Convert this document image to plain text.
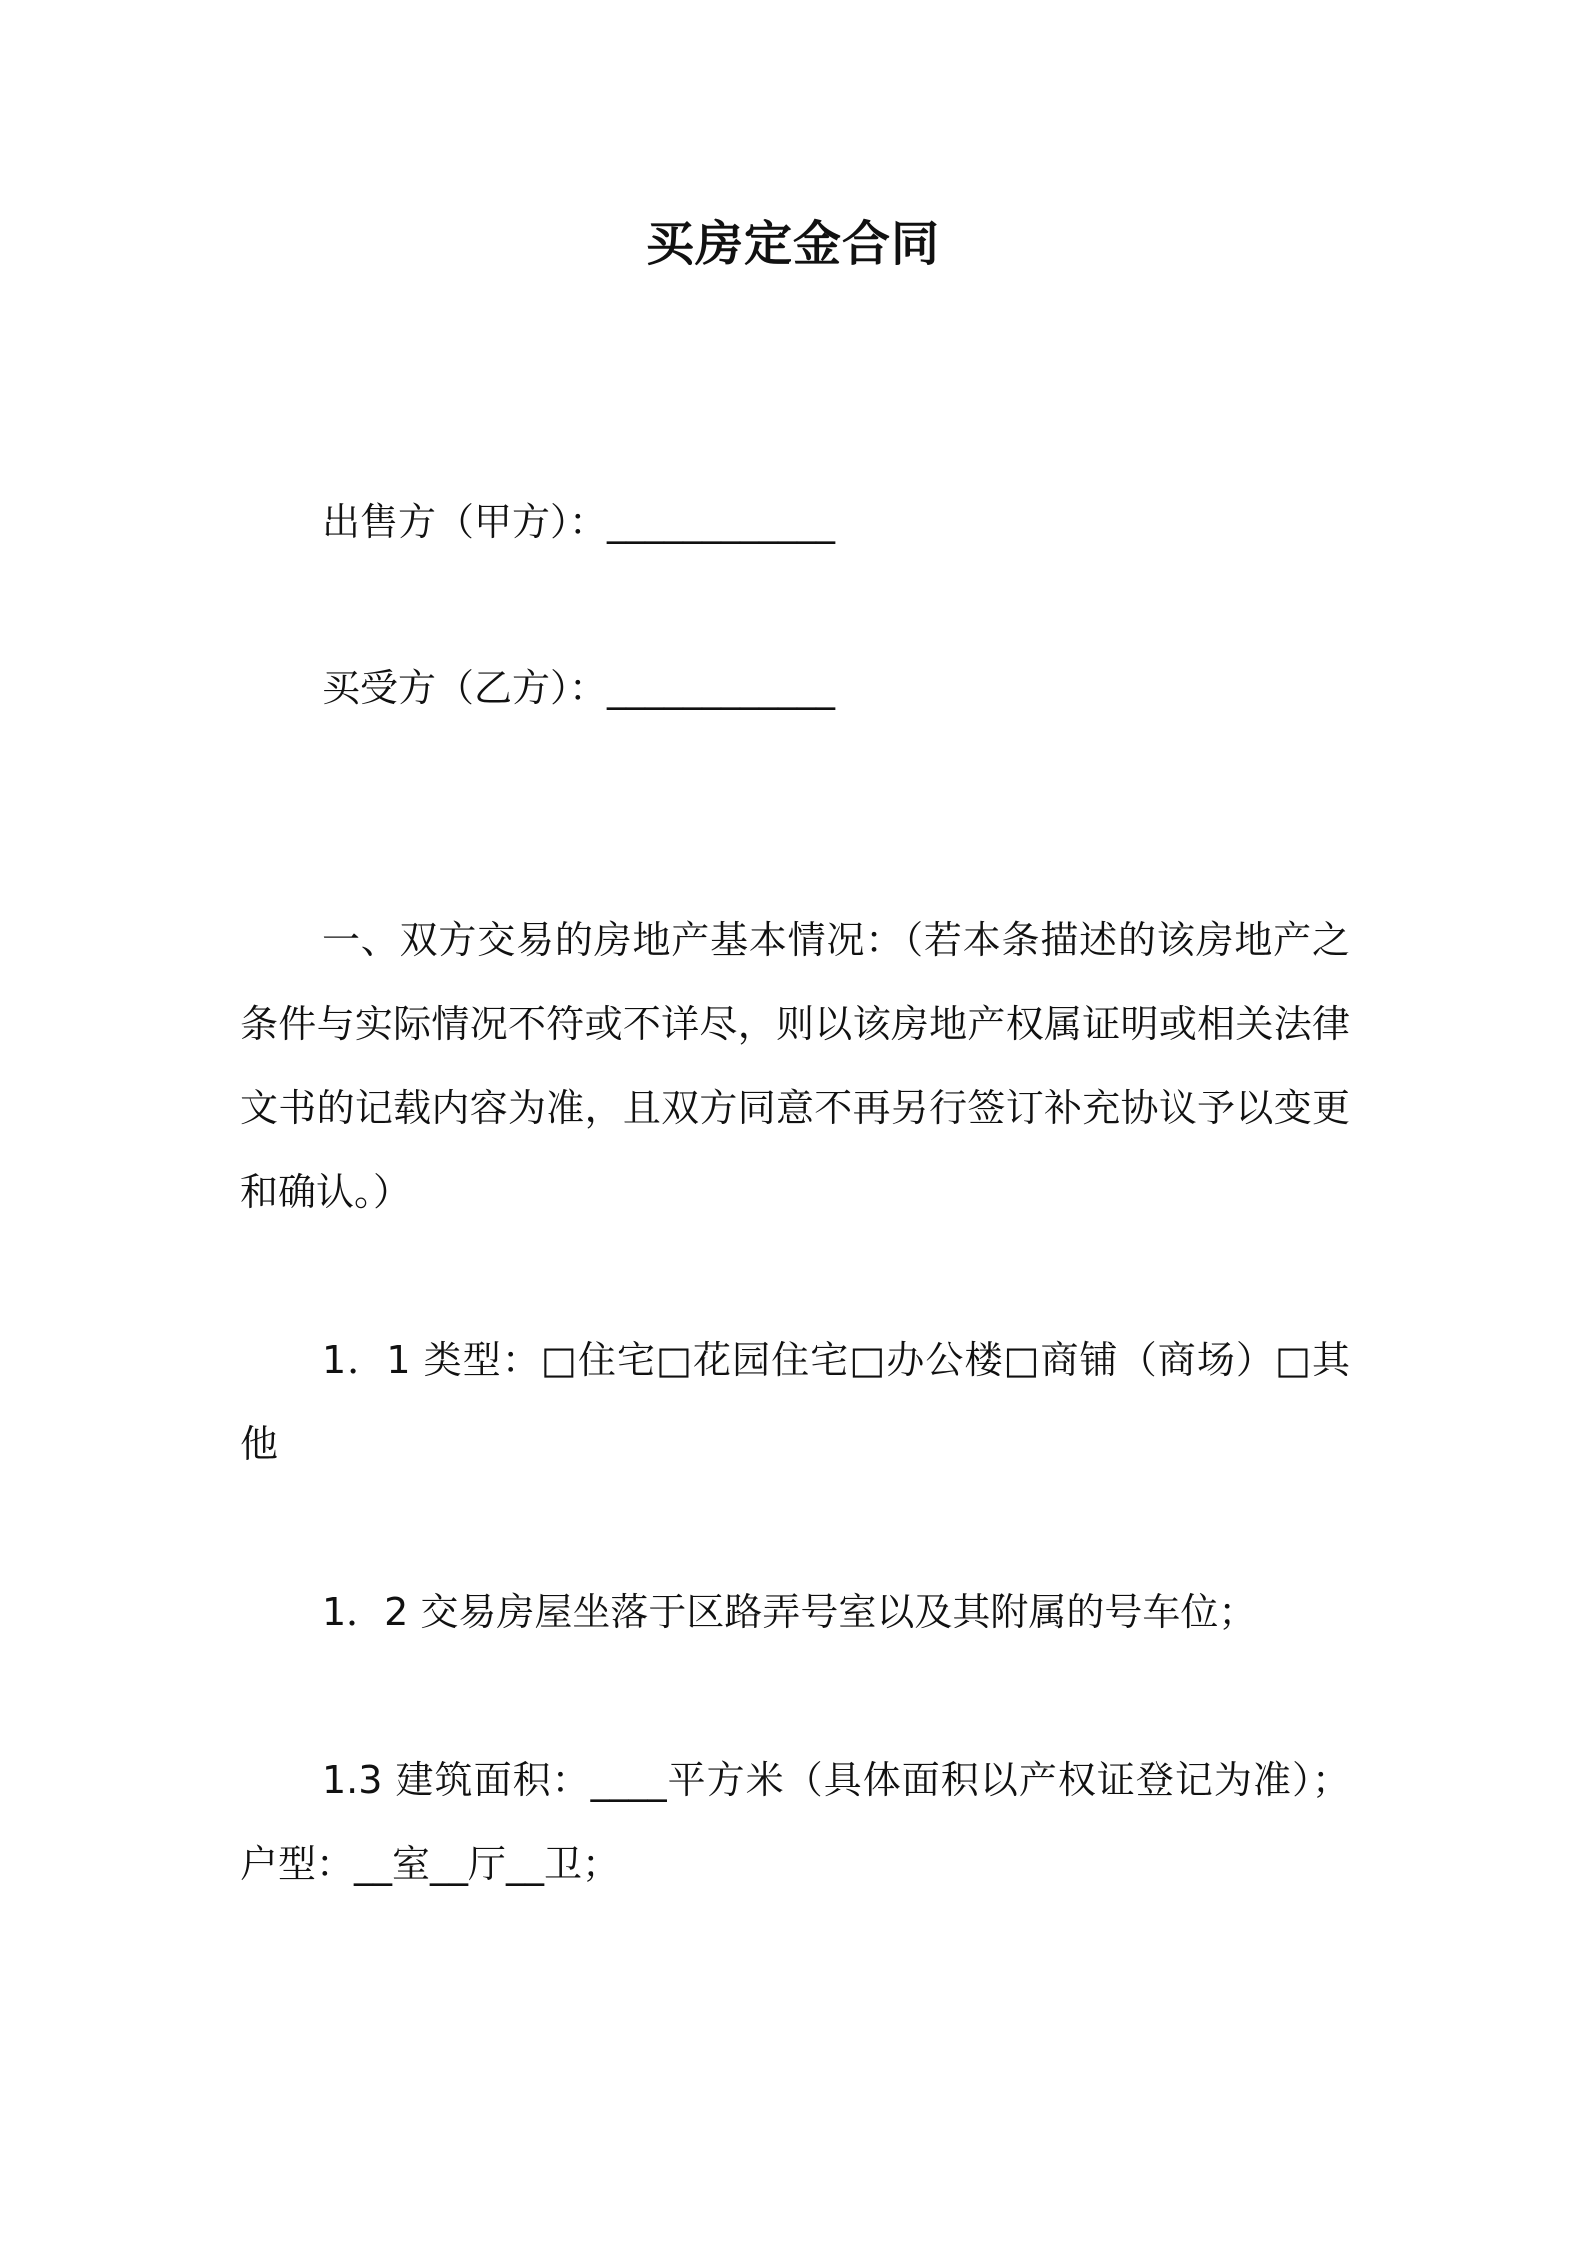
买房定金合同
出售方（甲方）：____________
买受方（乙方）：____________
一、双方交易的房地产基本情况：（若本条描述的该房地产之条件与实际情况不符或不详尽，则以该房地产权属证明或相关法律文书的记载内容为准，且双方同意不再另行签订补充协议予以变更和确认。）
1．1 类型：□住宅□花园住宅□办公楼□商铺（商场）□其他
1．2 交易房屋坐落于区路弄号室以及其附属的号车位；
1.3 建筑面积：____平方米（具体面积以产权证登记为准）；户型：__室__厅__卫；
